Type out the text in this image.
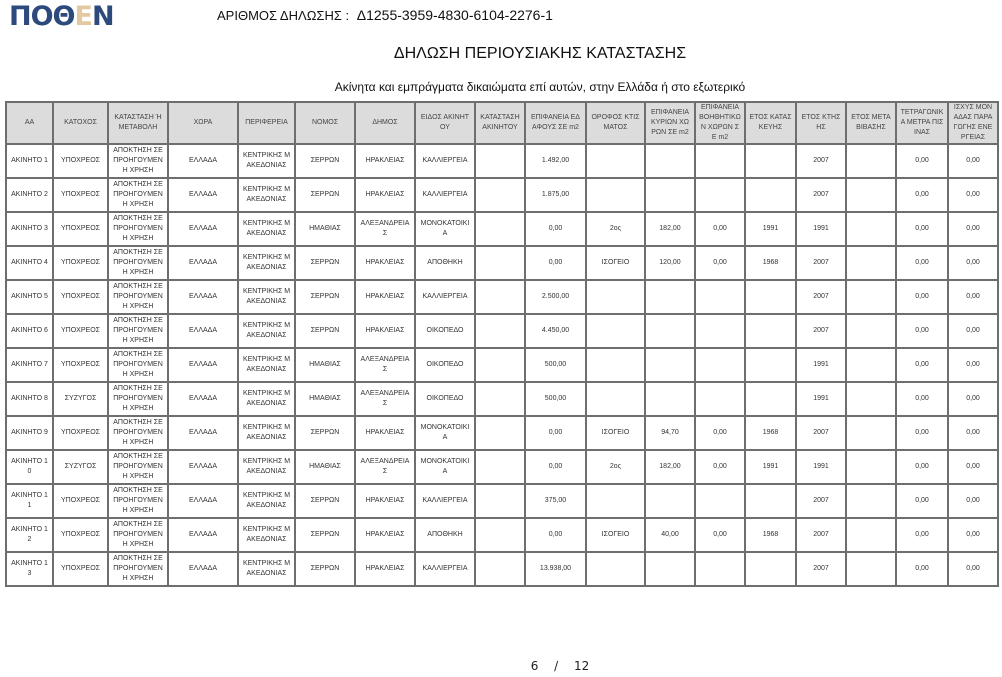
ΠΟΘΕΝ	ΑΡΙΘΜΟΣ ΔΗΛΩΣΗΣ : Δ1255-3959-4830-6104-2276-1
ΔΗΛΩΣΗ ΠΕΡΙΟΥΣΙΑΚΗΣ ΚΑΤΑΣΤΑΣΗΣ
Ακίνητα και εμπράγματα δικαιώματα επί αυτών, στην Ελλάδα ή στο εξωτερικό
ΑΑ	ΚΑΤΟΧΟΣ	ΚΑΤΑΣΤΑΣΗ Ή ΜΕΤΑΒΟΛΗ	ΧΩΡΑ	ΠΕΡΙΦΕΡΕΙΑ	ΝΟΜΟΣ	ΔΗΜΟΣ	ΕΙΔΟΣ ΑΚΙΝΗΤΟΥ	ΚΑΤΑΣΤΑΣΗ ΑΚΙΝΗΤΟΥ	ΕΠΙΦΑΝΕΙΑ ΕΔΑΦΟΥΣ ΣΕ m2	ΟΡΟΦΟΣ ΚΤΙΣΜΑΤΟΣ	ΕΠΙΦΑΝΕΙΑ ΚΥΡΙΩΝ ΧΩΡΩΝ ΣΕ m2	ΕΠΙΦΑΝΕΙΑ ΒΟΗΘΗΤΙΚΩΝ ΧΩΡΩΝ ΣΕ m2	ΕΤΟΣ ΚΑΤΑΣΚΕΥΗΣ	ΕΤΟΣ ΚΤΗΣΗΣ	ΕΤΟΣ ΜΕΤΑΒΙΒΑΣΗΣ	ΤΕΤΡΑΓΩΝΙΚΑ ΜΕΤΡΑ ΠΙΣΙΝΑΣ	ΙΣΧΥΣ ΜΟΝΑΔΑΣ ΠΑΡΑΓΩΓΗΣ ΕΝΕΡΓΕΙΑΣ
ΑΚΙΝΗΤΟ 1	ΥΠΟΧΡΕΟΣ	ΑΠΟΚΤΗΣΗ ΣΕ ΠΡΟΗΓΟΥΜΕΝΗ ΧΡΗΣΗ	ΕΛΛΑΔΑ	ΚΕΝΤΡΙΚΗΣ ΜΑΚΕΔΟΝΙΑΣ	ΣΕΡΡΩΝ	ΗΡΑΚΛΕΙΑΣ	ΚΑΛΛΙΕΡΓΕΙΑ		1.492,00					2007		0,00	0,00
ΑΚΙΝΗΤΟ 2	ΥΠΟΧΡΕΟΣ	ΑΠΟΚΤΗΣΗ ΣΕ ΠΡΟΗΓΟΥΜΕΝΗ ΧΡΗΣΗ	ΕΛΛΑΔΑ	ΚΕΝΤΡΙΚΗΣ ΜΑΚΕΔΟΝΙΑΣ	ΣΕΡΡΩΝ	ΗΡΑΚΛΕΙΑΣ	ΚΑΛΛΙΕΡΓΕΙΑ		1.875,00					2007		0,00	0,00
ΑΚΙΝΗΤΟ 3	ΥΠΟΧΡΕΟΣ	ΑΠΟΚΤΗΣΗ ΣΕ ΠΡΟΗΓΟΥΜΕΝΗ ΧΡΗΣΗ	ΕΛΛΑΔΑ	ΚΕΝΤΡΙΚΗΣ ΜΑΚΕΔΟΝΙΑΣ	ΗΜΑΘΙΑΣ	ΑΛΕΞΑΝΔΡΕΙΑΣ	ΜΟΝΟΚΑΤΟΙΚΙΑ		0,00	2ος	182,00	0,00	1991	1991		0,00	0,00
ΑΚΙΝΗΤΟ 4	ΥΠΟΧΡΕΟΣ	ΑΠΟΚΤΗΣΗ ΣΕ ΠΡΟΗΓΟΥΜΕΝΗ ΧΡΗΣΗ	ΕΛΛΑΔΑ	ΚΕΝΤΡΙΚΗΣ ΜΑΚΕΔΟΝΙΑΣ	ΣΕΡΡΩΝ	ΗΡΑΚΛΕΙΑΣ	ΑΠΟΘΗΚΗ		0,00	ΙΣΟΓΕΙΟ	120,00	0,00	1968	2007		0,00	0,00
ΑΚΙΝΗΤΟ 5	ΥΠΟΧΡΕΟΣ	ΑΠΟΚΤΗΣΗ ΣΕ ΠΡΟΗΓΟΥΜΕΝΗ ΧΡΗΣΗ	ΕΛΛΑΔΑ	ΚΕΝΤΡΙΚΗΣ ΜΑΚΕΔΟΝΙΑΣ	ΣΕΡΡΩΝ	ΗΡΑΚΛΕΙΑΣ	ΚΑΛΛΙΕΡΓΕΙΑ		2.500,00					2007		0,00	0,00
ΑΚΙΝΗΤΟ 6	ΥΠΟΧΡΕΟΣ	ΑΠΟΚΤΗΣΗ ΣΕ ΠΡΟΗΓΟΥΜΕΝΗ ΧΡΗΣΗ	ΕΛΛΑΔΑ	ΚΕΝΤΡΙΚΗΣ ΜΑΚΕΔΟΝΙΑΣ	ΣΕΡΡΩΝ	ΗΡΑΚΛΕΙΑΣ	ΟΙΚΟΠΕΔΟ		4.450,00					2007		0,00	0,00
ΑΚΙΝΗΤΟ 7	ΥΠΟΧΡΕΟΣ	ΑΠΟΚΤΗΣΗ ΣΕ ΠΡΟΗΓΟΥΜΕΝΗ ΧΡΗΣΗ	ΕΛΛΑΔΑ	ΚΕΝΤΡΙΚΗΣ ΜΑΚΕΔΟΝΙΑΣ	ΗΜΑΘΙΑΣ	ΑΛΕΞΑΝΔΡΕΙΑΣ	ΟΙΚΟΠΕΔΟ		500,00					1991		0,00	0,00
ΑΚΙΝΗΤΟ 8	ΣΥΖΥΓΟΣ	ΑΠΟΚΤΗΣΗ ΣΕ ΠΡΟΗΓΟΥΜΕΝΗ ΧΡΗΣΗ	ΕΛΛΑΔΑ	ΚΕΝΤΡΙΚΗΣ ΜΑΚΕΔΟΝΙΑΣ	ΗΜΑΘΙΑΣ	ΑΛΕΞΑΝΔΡΕΙΑΣ	ΟΙΚΟΠΕΔΟ		500,00					1991		0,00	0,00
ΑΚΙΝΗΤΟ 9	ΥΠΟΧΡΕΟΣ	ΑΠΟΚΤΗΣΗ ΣΕ ΠΡΟΗΓΟΥΜΕΝΗ ΧΡΗΣΗ	ΕΛΛΑΔΑ	ΚΕΝΤΡΙΚΗΣ ΜΑΚΕΔΟΝΙΑΣ	ΣΕΡΡΩΝ	ΗΡΑΚΛΕΙΑΣ	ΜΟΝΟΚΑΤΟΙΚΙΑ		0,00	ΙΣΟΓΕΙΟ	94,70	0,00	1968	2007		0,00	0,00
ΑΚΙΝΗΤΟ 10	ΣΥΖΥΓΟΣ	ΑΠΟΚΤΗΣΗ ΣΕ ΠΡΟΗΓΟΥΜΕΝΗ ΧΡΗΣΗ	ΕΛΛΑΔΑ	ΚΕΝΤΡΙΚΗΣ ΜΑΚΕΔΟΝΙΑΣ	ΗΜΑΘΙΑΣ	ΑΛΕΞΑΝΔΡΕΙΑΣ	ΜΟΝΟΚΑΤΟΙΚΙΑ		0,00	2ος	182,00	0,00	1991	1991		0,00	0,00
ΑΚΙΝΗΤΟ 11	ΥΠΟΧΡΕΟΣ	ΑΠΟΚΤΗΣΗ ΣΕ ΠΡΟΗΓΟΥΜΕΝΗ ΧΡΗΣΗ	ΕΛΛΑΔΑ	ΚΕΝΤΡΙΚΗΣ ΜΑΚΕΔΟΝΙΑΣ	ΣΕΡΡΩΝ	ΗΡΑΚΛΕΙΑΣ	ΚΑΛΛΙΕΡΓΕΙΑ		375,00					2007		0,00	0,00
ΑΚΙΝΗΤΟ 12	ΥΠΟΧΡΕΟΣ	ΑΠΟΚΤΗΣΗ ΣΕ ΠΡΟΗΓΟΥΜΕΝΗ ΧΡΗΣΗ	ΕΛΛΑΔΑ	ΚΕΝΤΡΙΚΗΣ ΜΑΚΕΔΟΝΙΑΣ	ΣΕΡΡΩΝ	ΗΡΑΚΛΕΙΑΣ	ΑΠΟΘΗΚΗ		0,00	ΙΣΟΓΕΙΟ	40,00	0,00	1968	2007		0,00	0,00
ΑΚΙΝΗΤΟ 13	ΥΠΟΧΡΕΟΣ	ΑΠΟΚΤΗΣΗ ΣΕ ΠΡΟΗΓΟΥΜΕΝΗ ΧΡΗΣΗ	ΕΛΛΑΔΑ	ΚΕΝΤΡΙΚΗΣ ΜΑΚΕΔΟΝΙΑΣ	ΣΕΡΡΩΝ	ΗΡΑΚΛΕΙΑΣ	ΚΑΛΛΙΕΡΓΕΙΑ		13.938,00					2007		0,00	0,00
6 / 12
